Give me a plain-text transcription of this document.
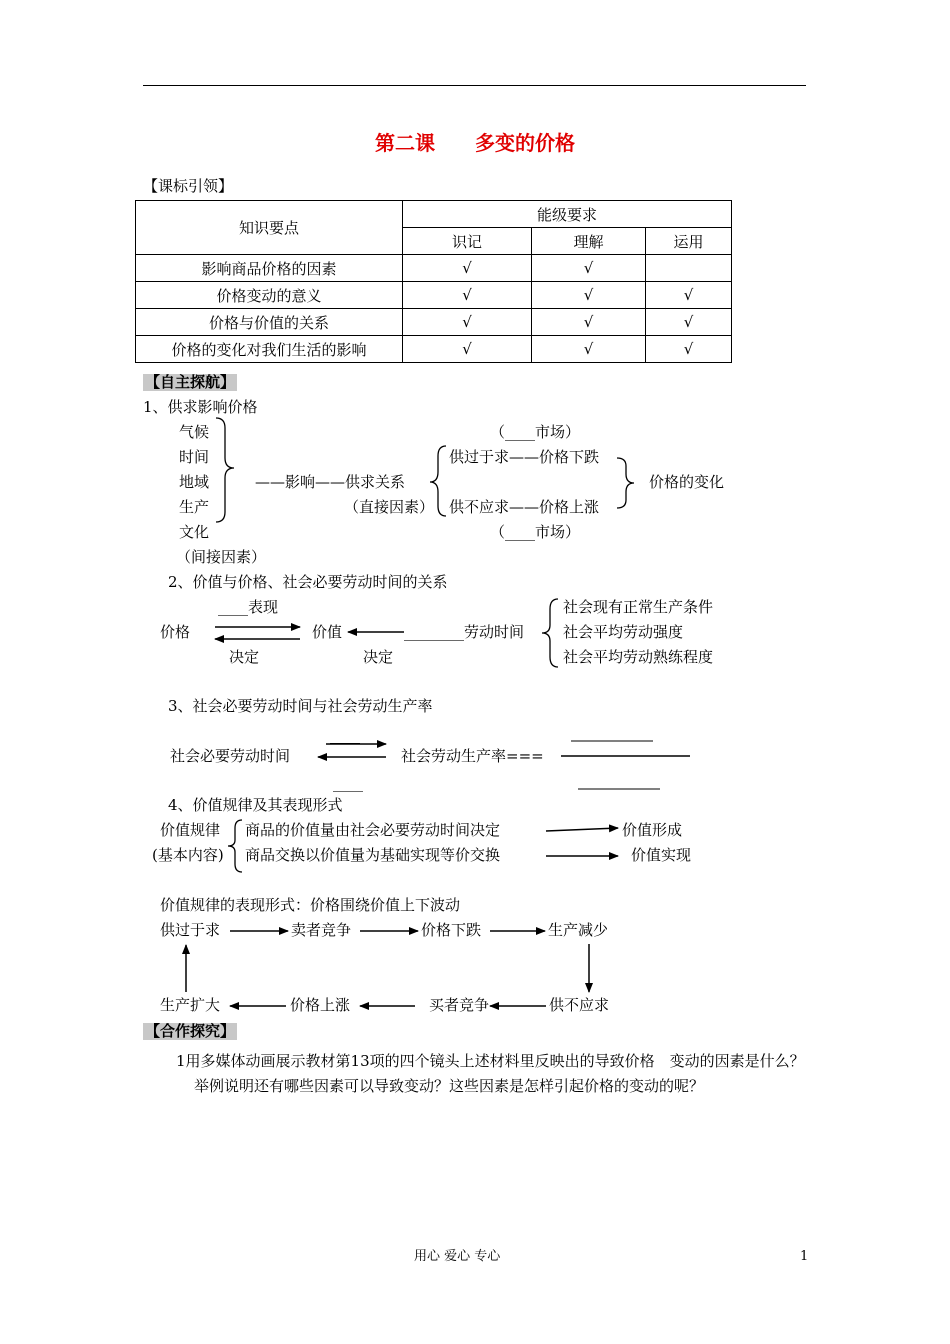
第二课　　多变的价格
【课标引领】
知识要点	能级要求		
	识记	理解	运用
影响商品价格的因素	√	√	
价格变动的意义	√	√	√
价格与价值的关系	√	√	√
价格的变化对我们生活的影响	√	√	√
【自主探航】
1、供求影响价格
气候
时间
地域
生产
文化
（间接因素）
——影响——供求关系
（直接因素）
（____市场）
供过于求——价格下跌
供不应求——价格上涨
（____市场）
价格的变化
2、价值与价格、社会必要劳动时间的关系
____表现
价格	价值	________劳动时间
决定	决定
社会现有正常生产条件
社会平均劳动强度
社会平均劳动熟练程度
3、社会必要劳动时间与社会劳动生产率
社会必要劳动时间
____
____
社会劳动生产率===
4、价值规律及其表现形式
价值规律
(基本内容)
商品的价值量由社会必要劳动时间决定
商品交换以价值量为基础实现等价交换
价值形成
价值实现
价值规律的表现形式：价格围绕价值上下波动
供过于求	卖者竞争	价格下跌	生产减少
生产扩大	价格上涨	买者竞争	供不应求
【合作探究】
1用多媒体动画展示教材第13项的四个镜头上述材料里反映出的导致价格　变动的因素是什么？举例说明还有哪些因素可以导致变动？这些因素是怎样引起价格的变动的呢？
用心 爱心 专心	1
